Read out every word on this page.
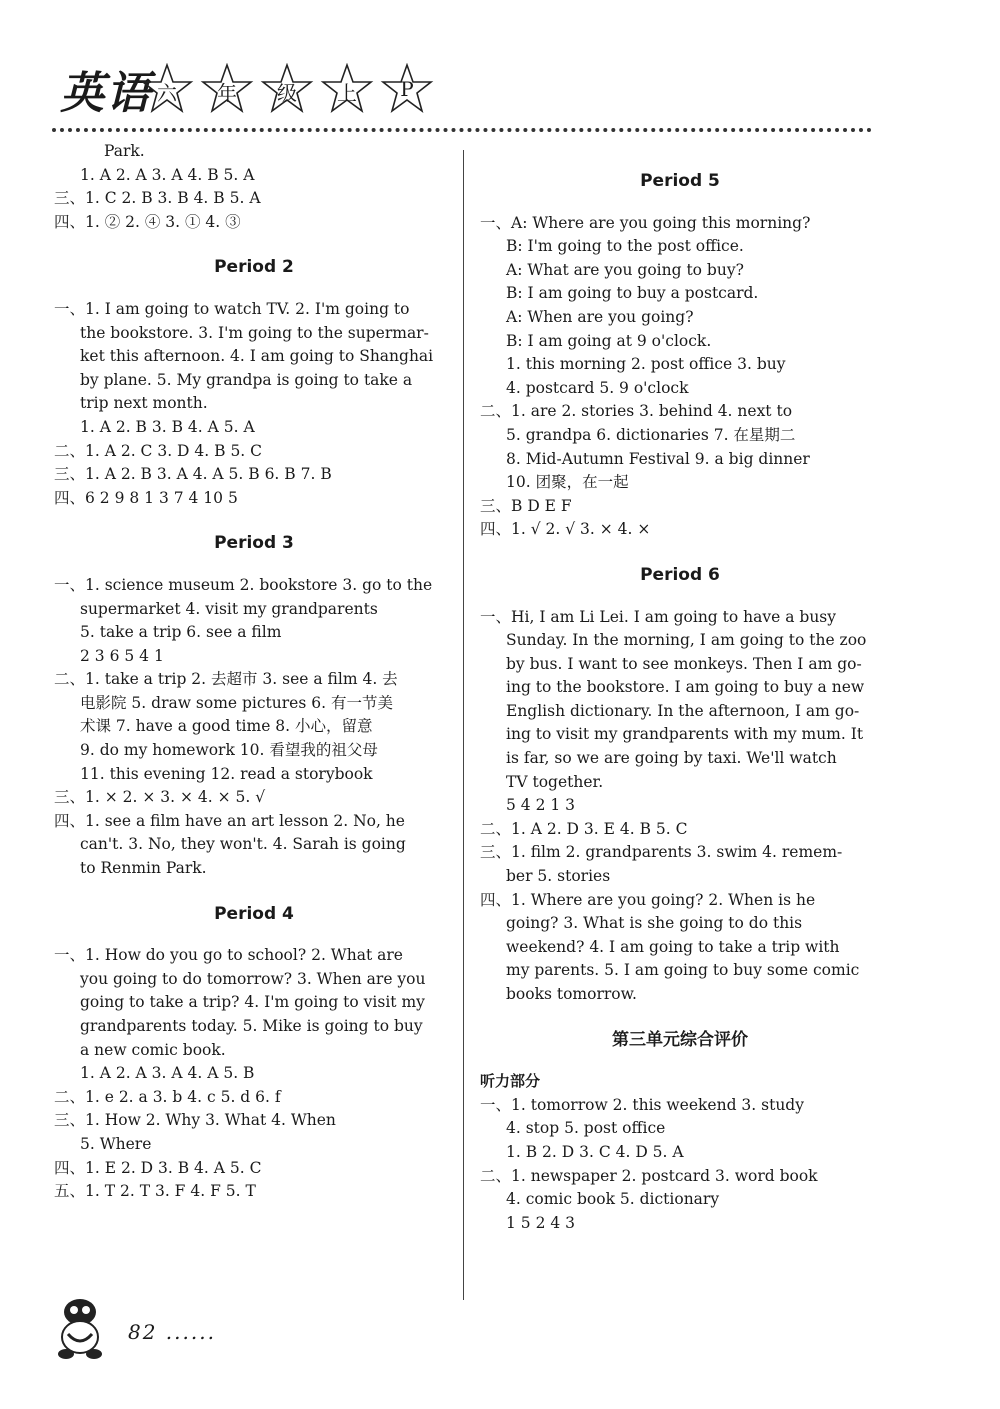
英语 六	年	级	上	P
Park.
1. A 2. A 3. A 4. B 5. A
三、1. C 2. B 3. B 4. B 5. A
四、1. ② 2. ④ 3. ① 4. ③
Period 2
一、1. I am going to watch TV. 2. I'm going to
the bookstore. 3. I'm going to the supermar-
ket this afternoon. 4. I am going to Shanghai
by plane. 5. My grandpa is going to take a
trip next month.
1. A 2. B 3. B 4. A 5. A
二、1. A 2. C 3. D 4. B 5. C
三、1. A 2. B 3. A 4. A 5. B 6. B 7. B
四、6 2 9 8 1 3 7 4 10 5
Period 3
一、1. science museum 2. bookstore 3. go to the
supermarket 4. visit my grandparents
5. take a trip 6. see a film
2 3 6 5 4 1
二、1. take a trip 2. 去超市 3. see a film 4. 去
电影院 5. draw some pictures 6. 有一节美
术课 7. have a good time 8. 小心，留意
9. do my homework 10. 看望我的祖父母
11. this evening 12. read a storybook
三、1. × 2. × 3. × 4. × 5. √
四、1. see a film have an art lesson 2. No, he
can't. 3. No, they won't. 4. Sarah is going
to Renmin Park.
Period 4
一、1. How do you go to school? 2. What are
you going to do tomorrow? 3. When are you
going to take a trip? 4. I'm going to visit my
grandparents today. 5. Mike is going to buy
a new comic book.
1. A 2. A 3. A 4. A 5. B
二、1. e 2. a 3. b 4. c 5. d 6. f
三、1. How 2. Why 3. What 4. When
5. Where
四、1. E 2. D 3. B 4. A 5. C
五、1. T 2. T 3. F 4. F 5. T
Period 5
一、A: Where are you going this morning?
B: I'm going to the post office.
A: What are you going to buy?
B: I am going to buy a postcard.
A: When are you going?
B: I am going at 9 o'clock.
1. this morning 2. post office 3. buy
4. postcard 5. 9 o'clock
二、1. are 2. stories 3. behind 4. next to
5. grandpa 6. dictionaries 7. 在星期二
8. Mid-Autumn Festival 9. a big dinner
10. 团聚，在一起
三、B D E F
四、1. √ 2. √ 3. × 4. ×
Period 6
一、Hi, I am Li Lei. I am going to have a busy
Sunday. In the morning, I am going to the zoo
by bus. I want to see monkeys. Then I am go-
ing to the bookstore. I am going to buy a new
English dictionary. In the afternoon, I am go-
ing to visit my grandparents with my mum. It
is far, so we are going by taxi. We'll watch
TV together.
5 4 2 1 3
二、1. A 2. D 3. E 4. B 5. C
三、1. film 2. grandparents 3. swim 4. remem-
ber 5. stories
四、1. Where are you going? 2. When is he
going? 3. What is she going to do this
weekend? 4. I am going to take a trip with
my parents. 5. I am going to buy some comic
books tomorrow.
第三单元综合评价
听力部分
一、1. tomorrow 2. this weekend 3. study
4. stop 5. post office
1. B 2. D 3. C 4. D 5. A
二、1. newspaper 2. postcard 3. word book
4. comic book 5. dictionary
1 5 2 4 3
82 ......
